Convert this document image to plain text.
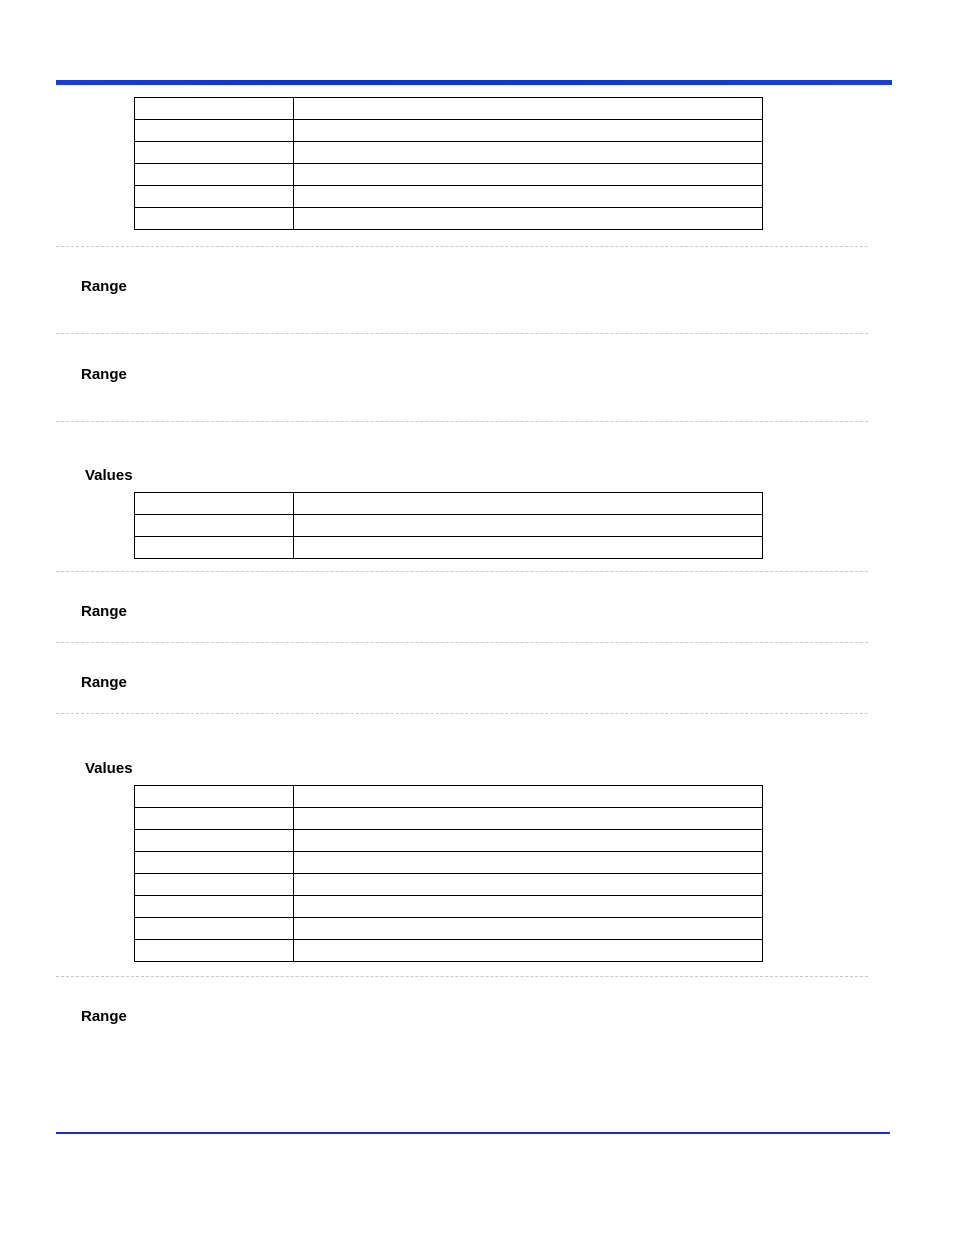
Range
Range
Values

Range
Range
Values

Range
